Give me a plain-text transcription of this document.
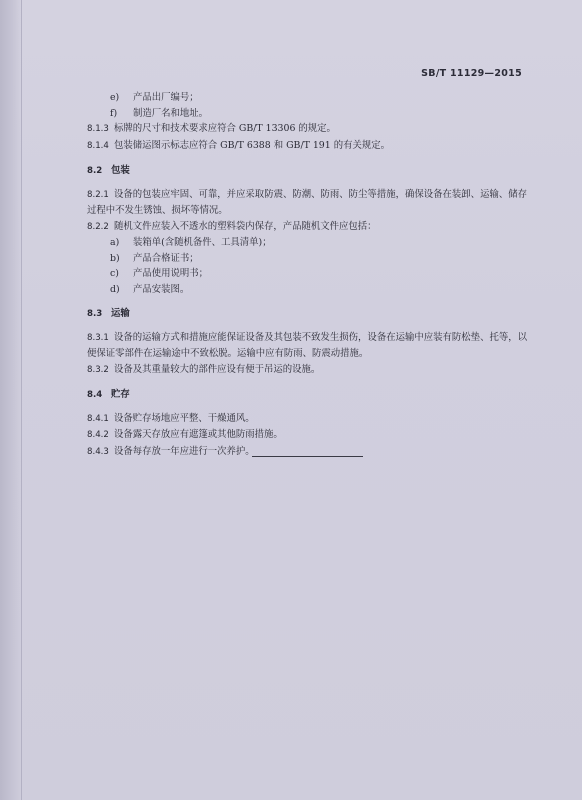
SB/T 11129—2015
e) 产品出厂编号；
f) 制造厂名和地址。
8.1.3 标牌的尺寸和技术要求应符合 GB/T 13306 的规定。
8.1.4 包装储运图示标志应符合 GB/T 6388 和 GB/T 191 的有关规定。
8.2 包装
8.2.1 设备的包装应牢固、可靠，并应采取防震、防潮、防雨、防尘等措施，确保设备在装卸、运输、储存过程中不发生锈蚀、损坏等情况。
8.2.2 随机文件应装入不透水的塑料袋内保存，产品随机文件应包括：
a) 装箱单(含随机备件、工具清单)；
b) 产品合格证书；
c) 产品使用说明书；
d) 产品安装图。
8.3 运输
8.3.1 设备的运输方式和措施应能保证设备及其包装不致发生损伤，设备在运输中应装有防松垫、托等，以便保证零部件在运输途中不致松脱。运输中应有防雨、防震动措施。
8.3.2 设备及其重量较大的部件应设有便于吊运的设施。
8.4 贮存
8.4.1 设备贮存场地应平整、干燥通风。
8.4.2 设备露天存放应有遮篷或其他防雨措施。
8.4.3 设备每存放一年应进行一次养护。
